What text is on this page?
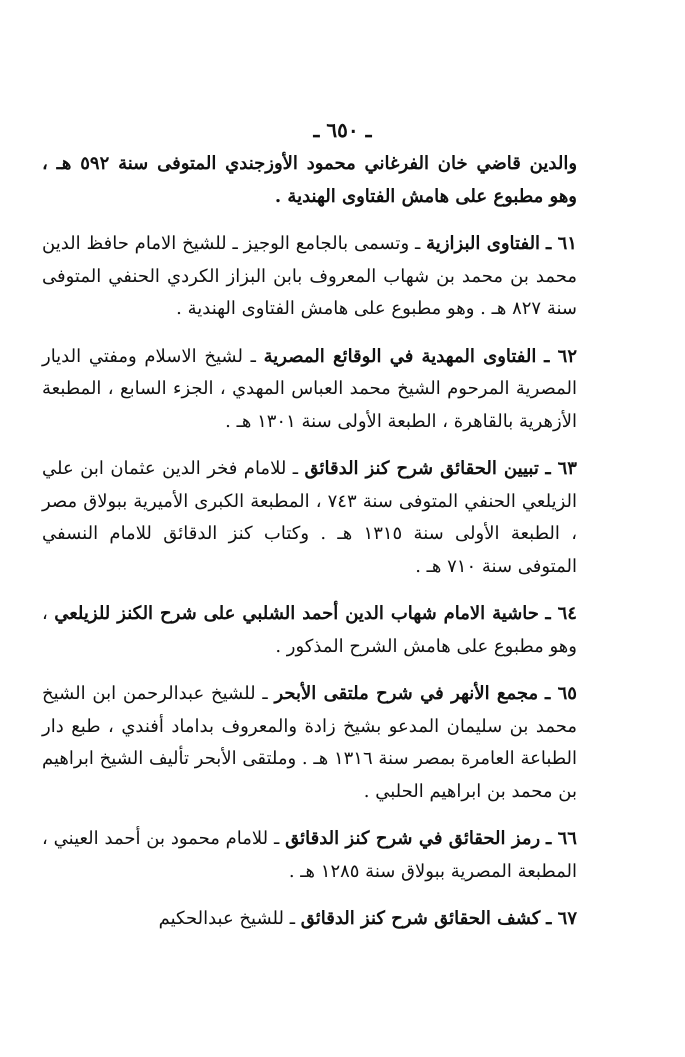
ـ ٦٥٠ ـ

والدين قاضي خان الفرغاني محمود الأوزجندي المتوفى سنة ٥٩٢ هـ ، وهو مطبوع على هامش الفتاوى الهندية .

٦١ ـ الفتاوى البزازية ـ وتسمى بالجامع الوجيز ـ للشيخ الامام حافظ الدين محمد بن محمد بن شهاب المعروف بابن البزاز الكردي الحنفي المتوفى سنة ٨٢٧ هـ . وهو مطبوع على هامش الفتاوى الهندية .

٦٢ ـ الفتاوى المهدية في الوقائع المصرية ـ لشيخ الاسلام ومفتي الديار المصرية المرحوم الشيخ محمد العباس المهدي ، الجزء السابع ، المطبعة الأزهرية بالقاهرة ، الطبعة الأولى سنة ١٣٠١ هـ .

٦٣ ـ تبيين الحقائق شرح كنز الدقائق ـ للامام فخر الدين عثمان ابن علي الزيلعي الحنفي المتوفى سنة ٧٤٣ ، المطبعة الكبرى الأميرية ببولاق مصر ، الطبعة الأولى سنة ١٣١٥ هـ . وكتاب كنز الدقائق للامام النسفي المتوفى سنة ٧١٠ هـ .

٦٤ ـ حاشية الامام شهاب الدين أحمد الشلبي على شرح الكنز للزيلعي ، وهو مطبوع على هامش الشرح المذكور .

٦٥ ـ مجمع الأنهر في شرح ملتقى الأبحر ـ للشيخ عبدالرحمن ابن الشيخ محمد بن سليمان المدعو بشيخ زادة والمعروف بداماد أفندي ، طبع دار الطباعة العامرة بمصر سنة ١٣١٦ هـ . وملتقى الأبحر تأليف الشيخ ابراهيم بن محمد بن ابراهيم الحلبي .

٦٦ ـ رمز الحقائق في شرح كنز الدقائق ـ للامام محمود بن أحمد العيني ، المطبعة المصرية ببولاق سنة ١٢٨٥ هـ .

٦٧ ـ كشف الحقائق شرح كنز الدقائق ـ للشيخ عبدالحكيم
